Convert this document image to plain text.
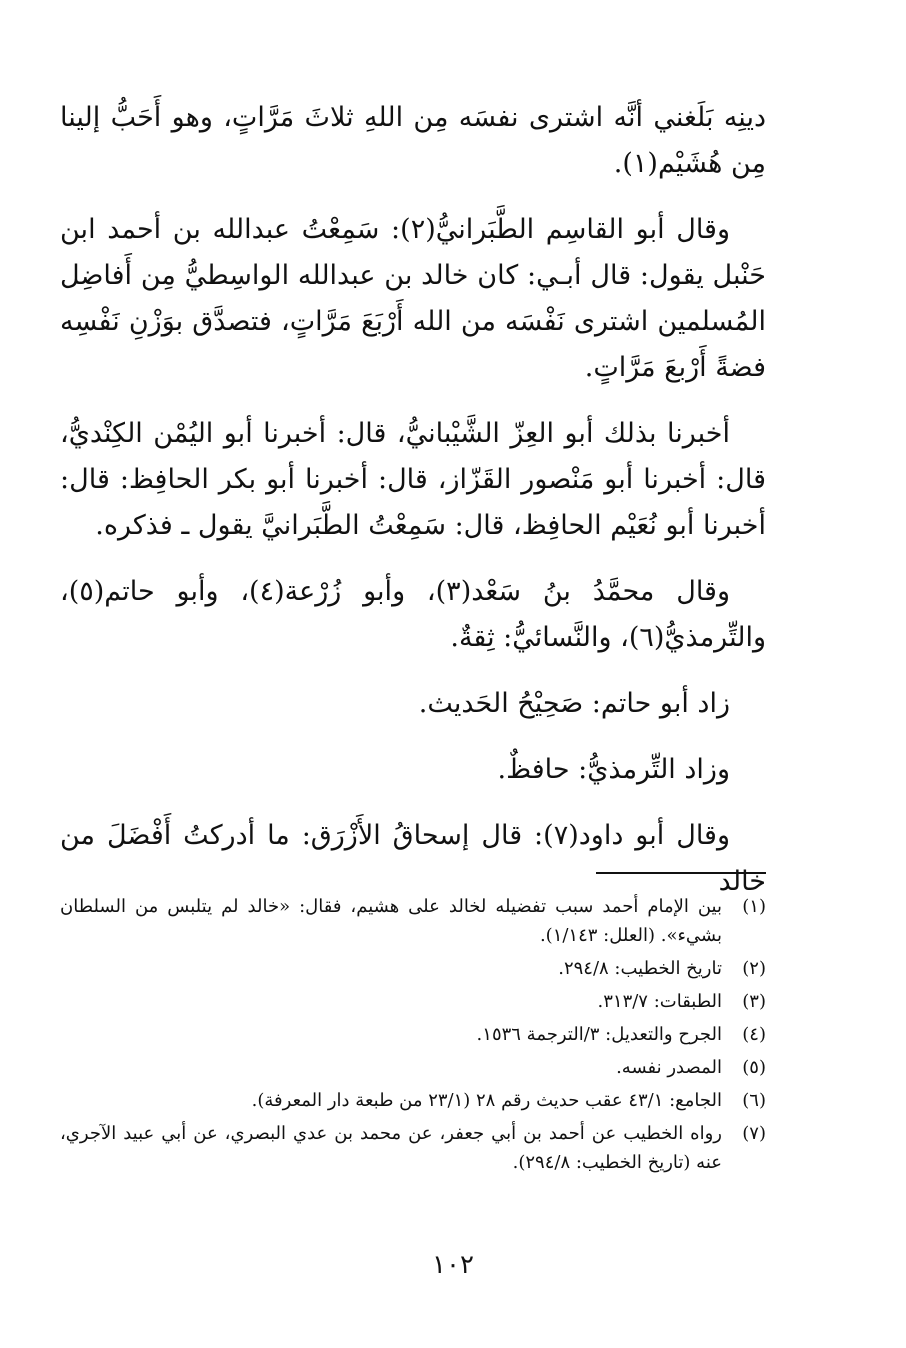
دينِه بَلَغني أنَّه اشترى نفسَه مِن اللهِ ثلاثَ مَرَّاتٍ، وهو أَحَبُّ إلينا مِن هُشَيْم(١).

وقال أبو القاسِم الطَّبَرانيُّ(٢): سَمِعْتُ عبدالله بن أحمد ابن حَنْبل يقول: قال أبـي: كان خالد بن عبدالله الواسِطيُّ مِن أَفاضِل المُسلمين اشترى نَفْسَه من الله أَرْبَعَ مَرَّاتٍ، فتصدَّق بوَزْنِ نَفْسِه فضةً أَرْبعَ مَرَّاتٍ.

أخبرنا بذلك أبو العِزّ الشَّيْبانيُّ، قال: أخبرنا أبو اليُمْن الكِنْديُّ، قال: أخبرنا أبو مَنْصور القَزّاز، قال: أخبرنا أبو بكر الحافِظ: قال: أخبرنا أبو نُعَيْم الحافِظ، قال: سَمِعْتُ الطَّبَرانيَّ يقول ـ فذكره.

وقال محمَّدُ بنُ سَعْد(٣)، وأبو زُرْعة(٤)، وأبو حاتم(٥)، والتِّرمذيُّ(٦)، والنَّسائيُّ: ثِقةٌ.

زاد أبو حاتم: صَحِيْحُ الحَديث.

وزاد التِّرمذيُّ: حافظٌ.

وقال أبو داود(٧): قال إسحاقُ الأَزْرَق: ما أدركتُ أَفْضَلَ من خالد

(١)
بين الإمام أحمد سبب تفضيله لخالد على هشيم، فقال: «خالد لم يتلبس من السلطان بشيء». (العلل: ١/١٤٣).
(٢)
تاريخ الخطيب: ٢٩٤/٨.
(٣)
الطبقات: ٣١٣/٧.
(٤)
الجرح والتعديل: ٣/الترجمة ١٥٣٦.
(٥)
المصدر نفسه.
(٦)
الجامع: ٤٣/١ عقب حديث رقم ٢٨ (٢٣/١ من طبعة دار المعرفة).
(٧)
رواه الخطيب عن أحمد بن أبي جعفر، عن محمد بن عدي البصري، عن أبي عبيد الآجري، عنه (تاريخ الخطيب: ٢٩٤/٨).
١٠٢
